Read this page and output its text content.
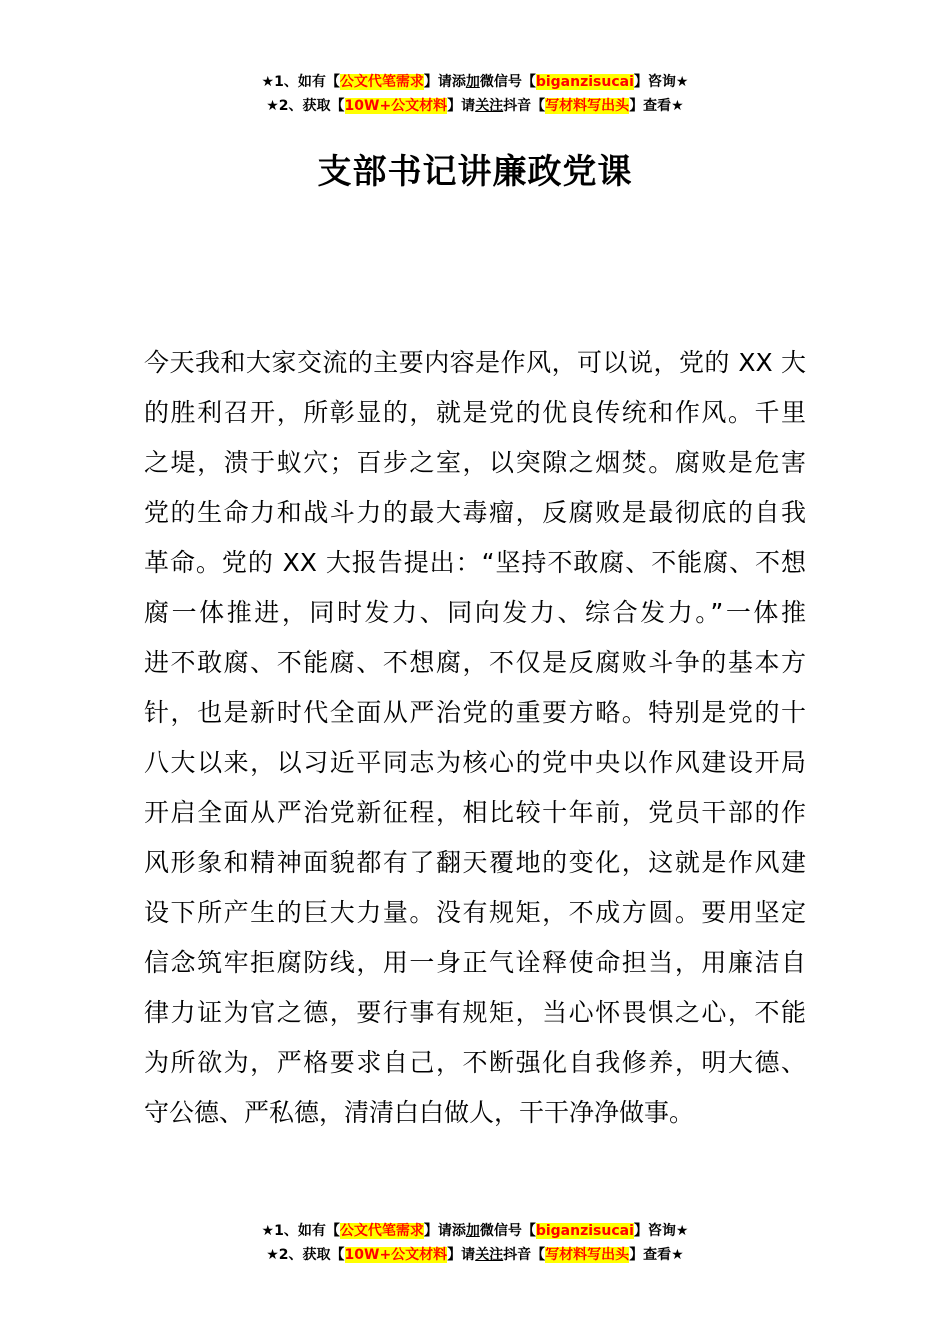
★1、如有【公文代笔需求】请添加微信号【biganzisucai】咨询★
★2、获取【10W+公文材料】请关注抖音【写材料写出头】查看★
支部书记讲廉政党课
今天我和大家交流的主要内容是作风，可以说，党的 XX 大
的胜利召开，所彰显的，就是党的优良传统和作风。千里
之堤，溃于蚁穴；百步之室，以突隙之烟焚。腐败是危害
党的生命力和战斗力的最大毒瘤，反腐败是最彻底的自我
革命。党的 XX 大报告提出：“坚持不敢腐、不能腐、不想
腐一体推进，同时发力、同向发力、综合发力。”一体推
进不敢腐、不能腐、不想腐，不仅是反腐败斗争的基本方
针，也是新时代全面从严治党的重要方略。特别是党的十
八大以来，以习近平同志为核心的党中央以作风建设开局
开启全面从严治党新征程，相比较十年前，党员干部的作
风形象和精神面貌都有了翻天覆地的变化，这就是作风建
设下所产生的巨大力量。没有规矩，不成方圆。要用坚定
信念筑牢拒腐防线，用一身正气诠释使命担当，用廉洁自
律力证为官之德，要行事有规矩，当心怀畏惧之心，不能
为所欲为，严格要求自己，不断强化自我修养，明大德、
守公德、严私德，清清白白做人，干干净净做事。
★1、如有【公文代笔需求】请添加微信号【biganzisucai】咨询★
★2、获取【10W+公文材料】请关注抖音【写材料写出头】查看★
